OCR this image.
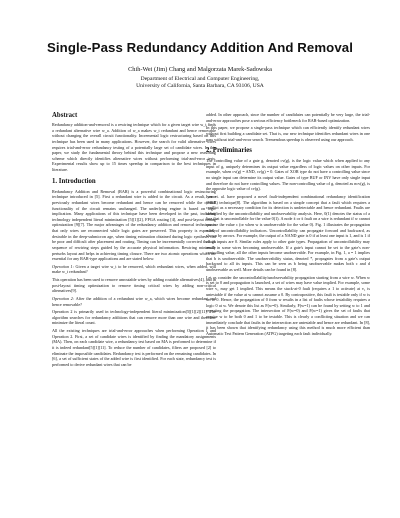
Single-Pass Redundancy Addition And Removal
Chih-Wei (Jim) Chang and Malgorzata Marek-Sadowska
Department of Electrical and Computer Engineering,
University of California, Santa Barbara, CA 93106, USA
Abstract

Redundancy addition-and-removal is a rewiring technique which for a given target wire w_t finds a redundant alternative wire w_a. Addition of w_a makes w_t redundant and hence removable without changing the overall circuit functionality. Incremental logic restructuring based on this technique has been used in many applications. However, the search for valid alternative wires requires trial-and-error redundancy testing of a potentially large set of candidate wires. In this paper, we study the fundamental theory behind this technique and propose a new reasoning scheme which directly identifies alternative wires without performing trial-and-error tests. Experimental results show up to 15 times speedup in comparison to the best techniques in literature.

1. Introduction

Redundancy Addition and Removal (RAR) is a powerful combinational logic restructuring technique introduced in [5]. First a redundant wire is added to the circuit. As a result, some previously redundant wires become redundant and hence can be removed while the overall functionality of the circuit remains unchanged. The underlying engine is based on logic implication. Many applications of this technique have been developed in the past, including technology independent literal minimization [5][1][2], FPGA routing [4], and post-layout timing optimization [9][7]. The major advantages of the redundancy addition and removal technique is that only wires are reconnected while logic gates are preserved. This property is especially desirable in the deep-submicron age, when timing estimation obtained during logic synthesis can be poor and difficult after placement and routing. Timing can be incrementally corrected through sequence of rewiring steps guided by the accurate physical information. Rewiring minimally perturbs layout and helps in achieving timing closure. There are two atomic operations which are essential for any RAR-type applications and are stated below:

Operation 1: Given a target wire w_t to be removed, which redundant wires, when added, will make w_t redundant?

This operation has been used to remove unroutable wires by adding routable alternatives[4], and in post-layout timing optimization to remove timing critical wires by adding non-critical alternatives[9].

Operation 2: After the addition of a redundant wire w_a, which wires become redundant and hence removable?

Operation 2 is primarily used in technology-independent literal minimization[5][1][2][11]. The algorithm searches for redundancy additions that can remove more than one wire and therefore minimize the literal count.

All the existing techniques are trial-and-error approaches when performing Operation 1 and Operation 2. First, a set of candidate wires is identified by finding the mandatory assignments (MA). Then, on each candidate wire, a redundancy test based on MA is performed to determine if it is indeed redundant[5][1][11]. To reduce the number of candidates, filters are proposed [2] to eliminate the impossible candidates. Redundancy test is performed on the remaining candidates. In [6], a set of sufficient states of the added wire is first identified. For each state, redundancy test is performed to derive redundant wires that can be

added. In other approach, since the number of candidates can potentially be very large, the trial-and-error approaches pose a serious efficiency bottleneck for RAR-based optimization.

In this paper, we propose a single-pass technique which can efficiently identify redundant wires without first building a candidate set. That is, our new technique identifies redundant wires in one pass without trial-and-error search. Tremendous speedup is observed using our approach.

2. Preliminaries

The controlling value of a gate g, denoted cv(g), is the logic value which when applied to any input of g, uniquely determines its output value regardless of logic values on other inputs. For example, when cv(g) = AND, cv(g) = 0. Gates of XOR type do not have a controlling value since no single input can determine its output value. Gates of type BUF or INV have only single input and therefore do not have controlling values. The non-controlling value of g, denoted as ncv(g), is the opposite logic value of cv(g).

Iyer et. al. have proposed a novel fault-independent combinational redundancy identification (FIRE) technique[8]. The algorithm is based on a simple concept that a fault which requires a conflict as a necessary condition for its detection is undetectable and hence redundant. Faults are identified by the uncontrollability and unobservability analysis. Here, 0(1) denotes the status of a line that is uncontrollable for the value 0(1). A node x̄ or x̄ fault on a wire is redundant if w cannot assume the value c (or when w is unobservable for the value 0). Fig. 1 illustrates the propagation rules of uncontrollability indicators. Uncontrollability can propagate forward and backward, as shown by arrows. For example, the output of a NAND gate is 0 if at least one input is 1, and is 1 if all its inputs are 0. Similar rules apply to other gate types. Propagation of uncontrollability may result in some wires becoming unobservable. If a gate's input cannot be set to the gate's non-controlling value, all the other inputs become unobservable. For example, in Fig. 1, a = 1 implies that b is unobservable. The unobservability status, denoted *, propagates from a gate's output backward to all its inputs. This can be seen as b being unobservable makes both c and d unobservable as well. More details can be found in [8].

Let us consider the uncontrollability/unobservability propagation starting from a wire w. When w is set to 0 and propagation is launched, a set of wires may have value implied. For example, some wire v₁ may get 1 implied. This means the stuck-at-0 fault (requires a 1 to activate) at v₁ is untestable if the value at w cannot assume a 0. By contrapositive, this fault is testable only if w is set to 0. Hence, the propagation of 0 from w results in a list of faults whose testability requires a logic 0 at w. We denote this list as F(w=0). Similarly, F(w=1) can be found by setting w to 1 and repeating the propagation. The intersection of F(w=0) and F(w=1) gives the set of faults that require w to be both 0 and 1 to be testable. This is clearly a conflicting situation and we can immediately conclude that faults in the intersection are untestable and hence are redundant. In [8], it has been shown that identifying redundancy using this method is much more efficient than Automatic Test Pattern Generation (ATPG) targeting each fault individually.
